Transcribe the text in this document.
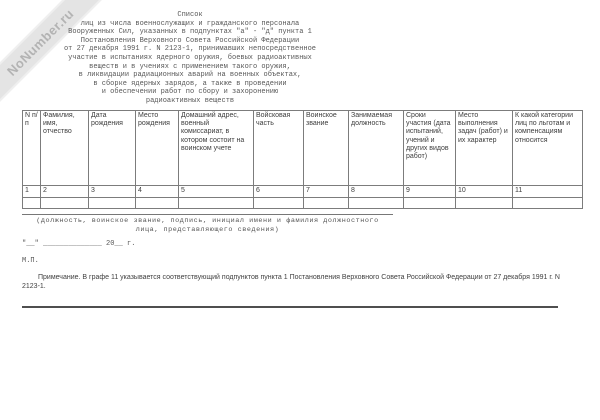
NoNumber.ru	Список
лиц из числа военнослужащих и гражданского персонала
Вооруженных Сил, указанных в подпунктах "а" - "д" пункта 1
Постановления Верховного Совета Российской Федерации
от 27 декабря 1991 г. N 2123-1, принимавших непосредственное
участие в испытаниях ядерного оружия, боевых радиоактивных
веществ и в учениях с применением такого оружия,
в ликвидации радиационных аварий на военных объектах,
в сборке ядерных зарядов, а также в проведении
и обеспечении работ по сбору и захоронению
радиоактивных веществ
N п/п	Фамилия, имя, отчество	Дата рождения	Место рождения	Домашний адрес, военный комиссариат, в котором состоит на воинском учете	Войсковая часть	Воинское звание	Занимаемая должность	Сроки участия (дата испытаний, учений и других видов работ)	Место выполнения задач (работ) и их характер	К какой категории лиц по льготам и компенсациям относится
1	2	3	4	5	6	7	8	9	10	11

(должность, воинское звание, подпись, инициал имени и фамилия должностного
лица, представляющего сведения)
"__" ______________ 20__ г.
М.П.
Примечание. В графе 11 указывается соответствующий подпунктов пункта 1 Постановления Верховного Совета Российской Федерации от 27 декабря 1991 г. N 2123-1.
